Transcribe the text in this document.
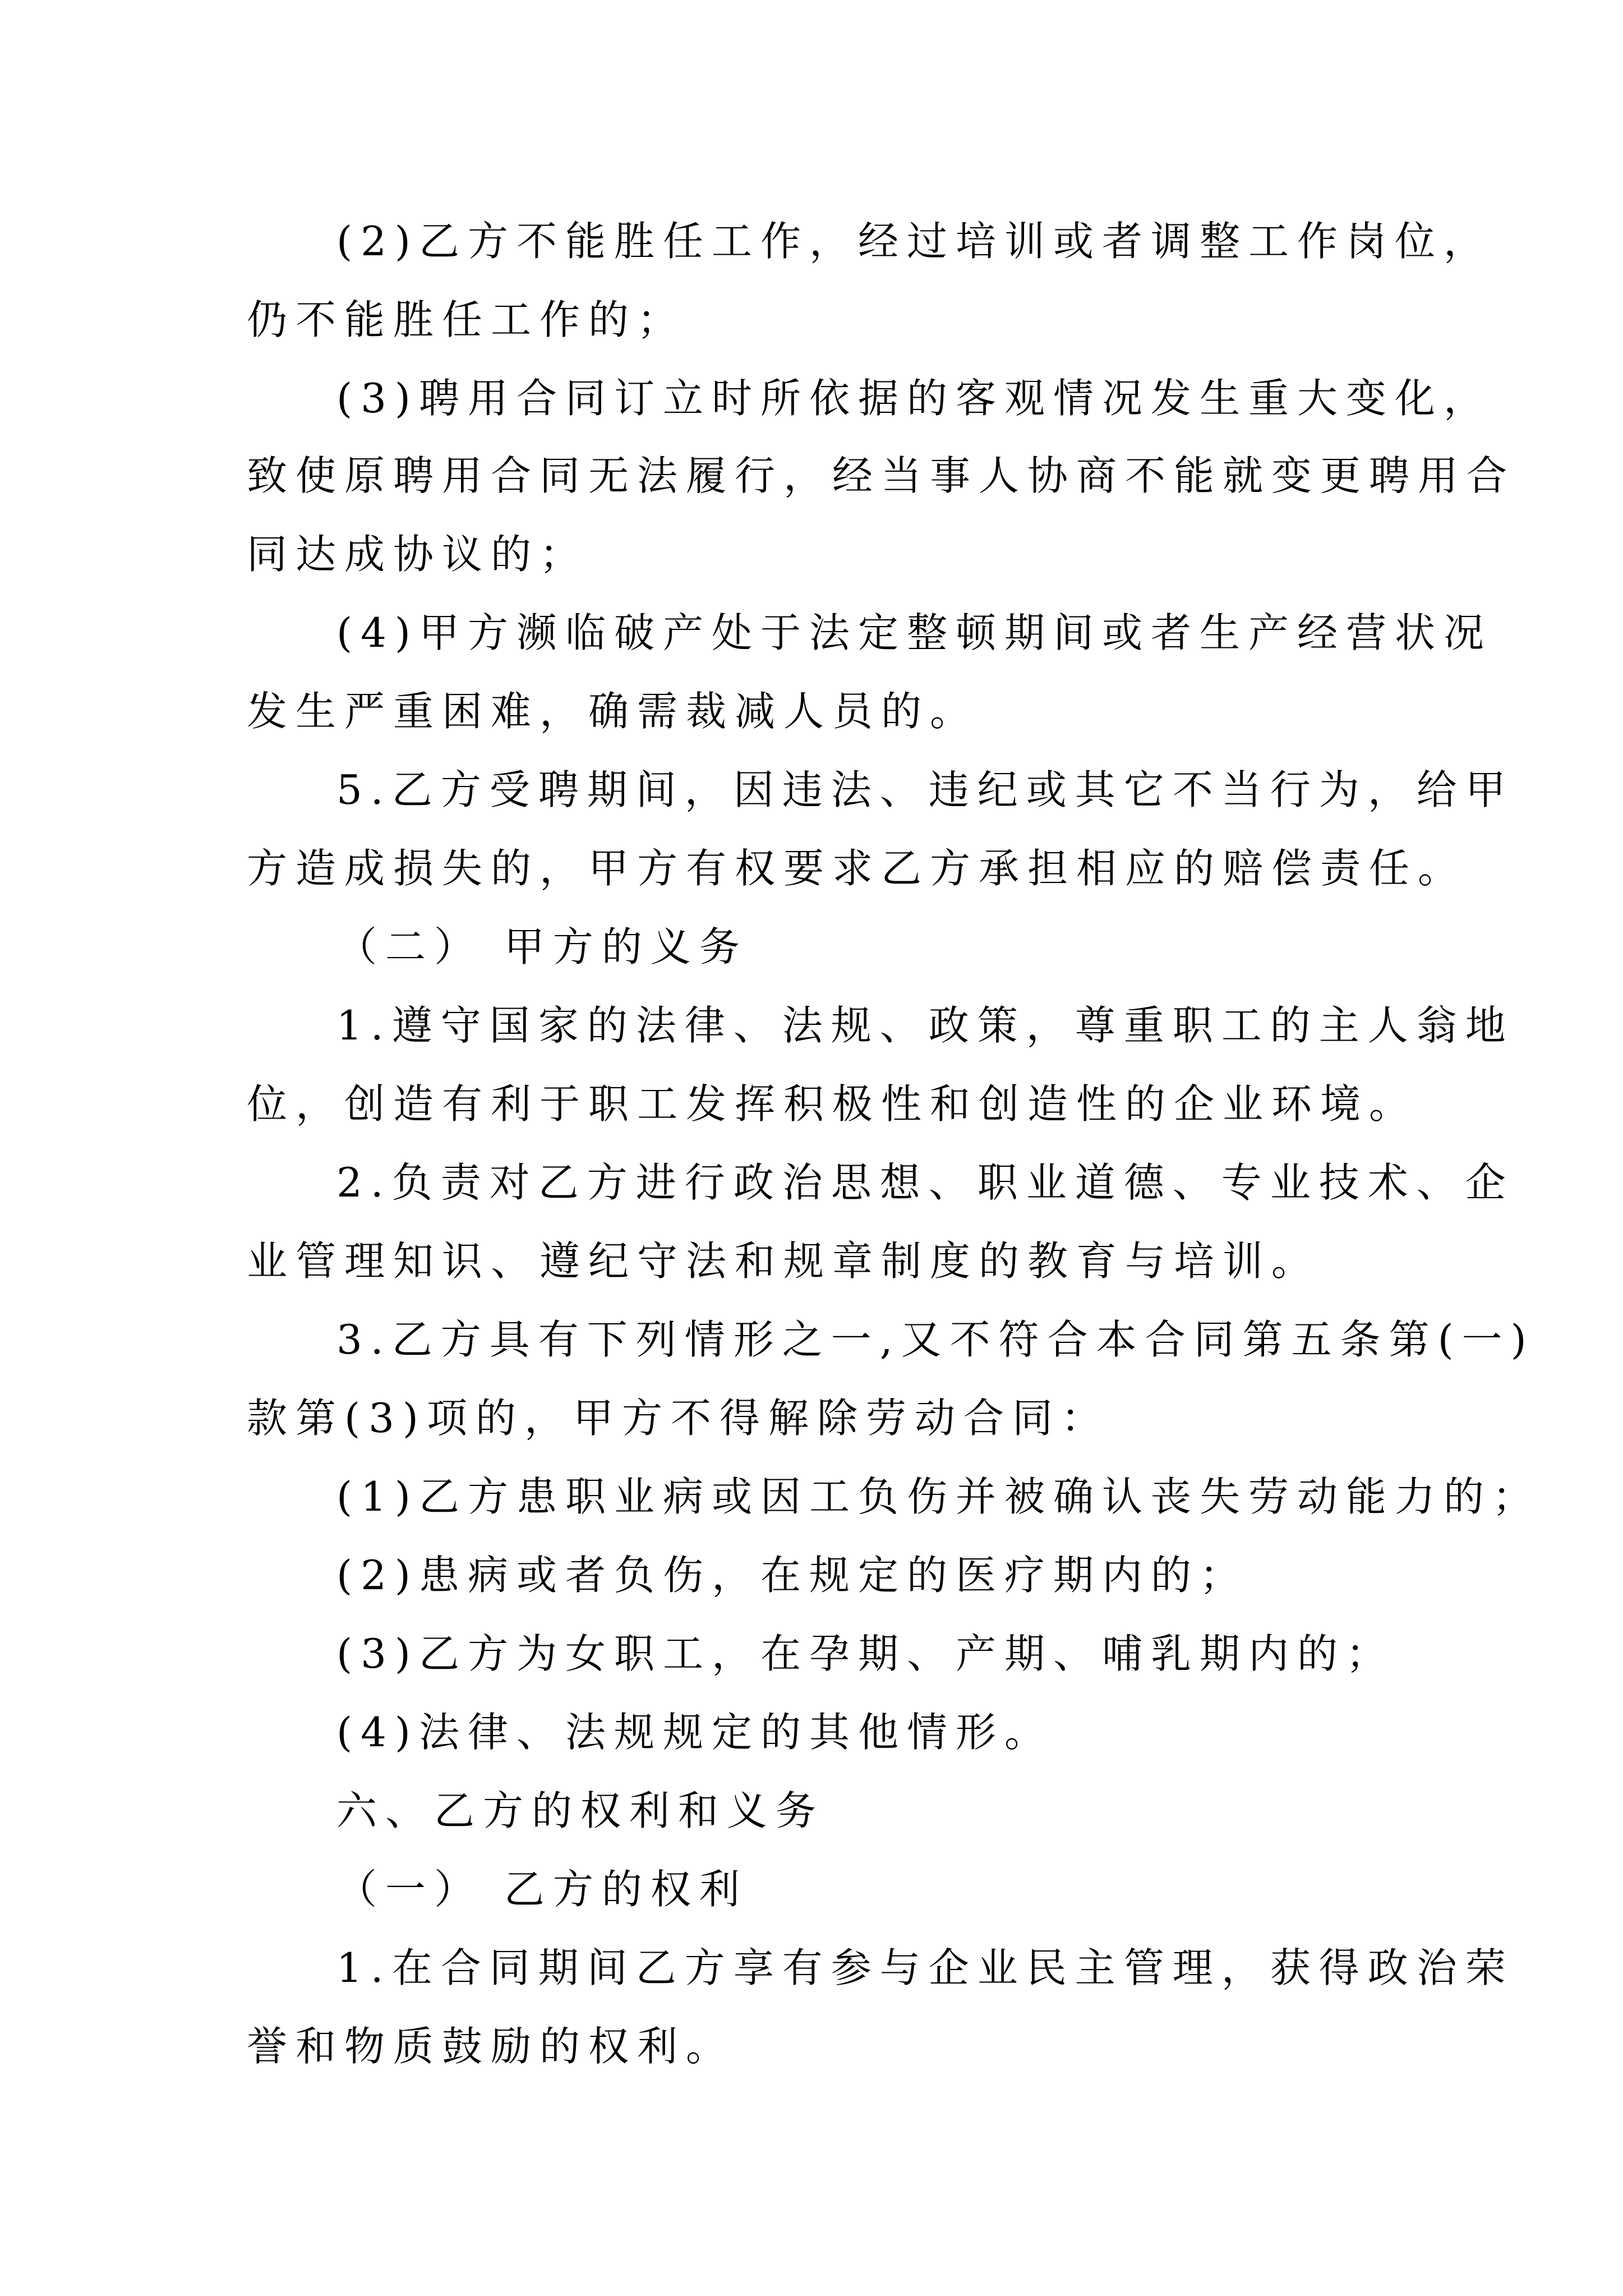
(2)乙方不能胜任工作，经过培训或者调整工作岗位，
仍不能胜任工作的；
(3)聘用合同订立时所依据的客观情况发生重大变化，
致使原聘用合同无法履行，经当事人协商不能就变更聘用合
同达成协议的；
(4)甲方濒临破产处于法定整顿期间或者生产经营状况
发生严重困难，确需裁减人员的。
5.乙方受聘期间，因违法、违纪或其它不当行为，给甲
方造成损失的，甲方有权要求乙方承担相应的赔偿责任。
（二） 甲方的义务
1.遵守国家的法律、法规、政策，尊重职工的主人翁地
位，创造有利于职工发挥积极性和创造性的企业环境。
2.负责对乙方进行政治思想、职业道德、专业技术、企
业管理知识、遵纪守法和规章制度的教育与培训。
3.乙方具有下列情形之一,又不符合本合同第五条第(一)
款第(3)项的，甲方不得解除劳动合同：
(1)乙方患职业病或因工负伤并被确认丧失劳动能力的；
(2)患病或者负伤，在规定的医疗期内的；
(3)乙方为女职工，在孕期、产期、哺乳期内的；
(4)法律、法规规定的其他情形。
六、乙方的权利和义务
（一） 乙方的权利
1.在合同期间乙方享有参与企业民主管理，获得政治荣
誉和物质鼓励的权利。
